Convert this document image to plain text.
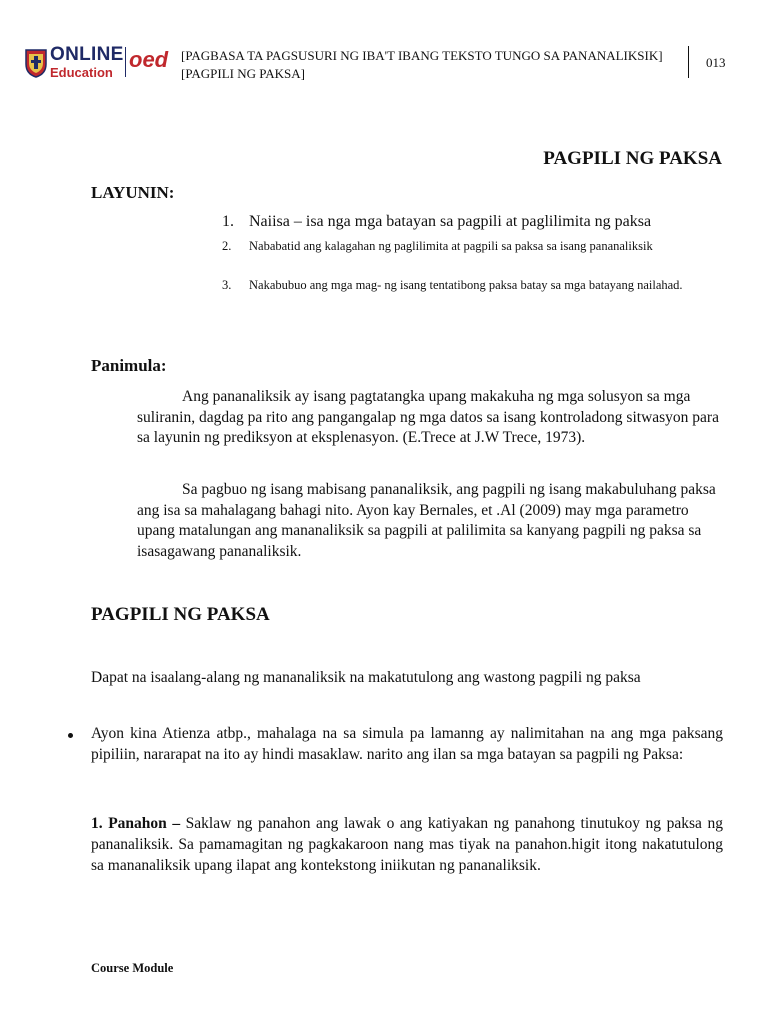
ONLINE
Education
oed [PAGBASA TA PAGSUSURI NG IBA'T IBANG TEKSTO TUNGO SA PANANALIKSIK]
[PAGPILI NG PAKSA]
013
PAGPILI NG PAKSA
LAYUNIN:
1. Naiisa – isa nga mga batayan sa pagpili at paglilimita ng paksa
2. Nababatid ang kalagahan ng paglilimita at pagpili sa paksa sa isang pananaliksik
3. Nakabubuo ang mga mag- ng isang tentatibong paksa batay sa mga batayang nailahad.
Panimula:
Ang pananaliksik ay isang pagtatangka upang makakuha ng mga solusyon sa mga suliranin, dagdag pa rito ang pangangalap ng mga datos sa isang kontroladong sitwasyon para sa layunin ng prediksyon at eksplenasyon. (E.Trece at J.W Trece, 1973).
Sa pagbuo ng isang mabisang pananaliksik, ang pagpili ng isang makabuluhang paksa ang isa sa mahalagang bahagi nito. Ayon kay Bernales, et .Al (2009) may mga parametro upang matalungan ang mananaliksik sa pagpili at palilimita sa kanyang pagpili ng paksa sa isasagawang pananaliksik.
PAGPILI NG PAKSA
Dapat na isaalang-alang ng mananaliksik na makatutulong ang wastong pagpili ng paksa
Ayon kina Atienza atbp., mahalaga na sa simula pa lamanng ay nalimitahan na ang mga paksang pipiliin, nararapat na ito ay hindi masaklaw. narito ang ilan sa mga batayan sa pagpili ng Paksa:
1. Panahon – Saklaw ng panahon ang lawak o ang katiyakan ng panahong tinutukoy ng paksa ng pananaliksik. Sa pamamagitan ng pagkakaroon nang mas tiyak na panahon.higit itong nakatutulong sa mananaliksik upang ilapat ang kontekstong iniikutan ng pananaliksik.
Course Module
